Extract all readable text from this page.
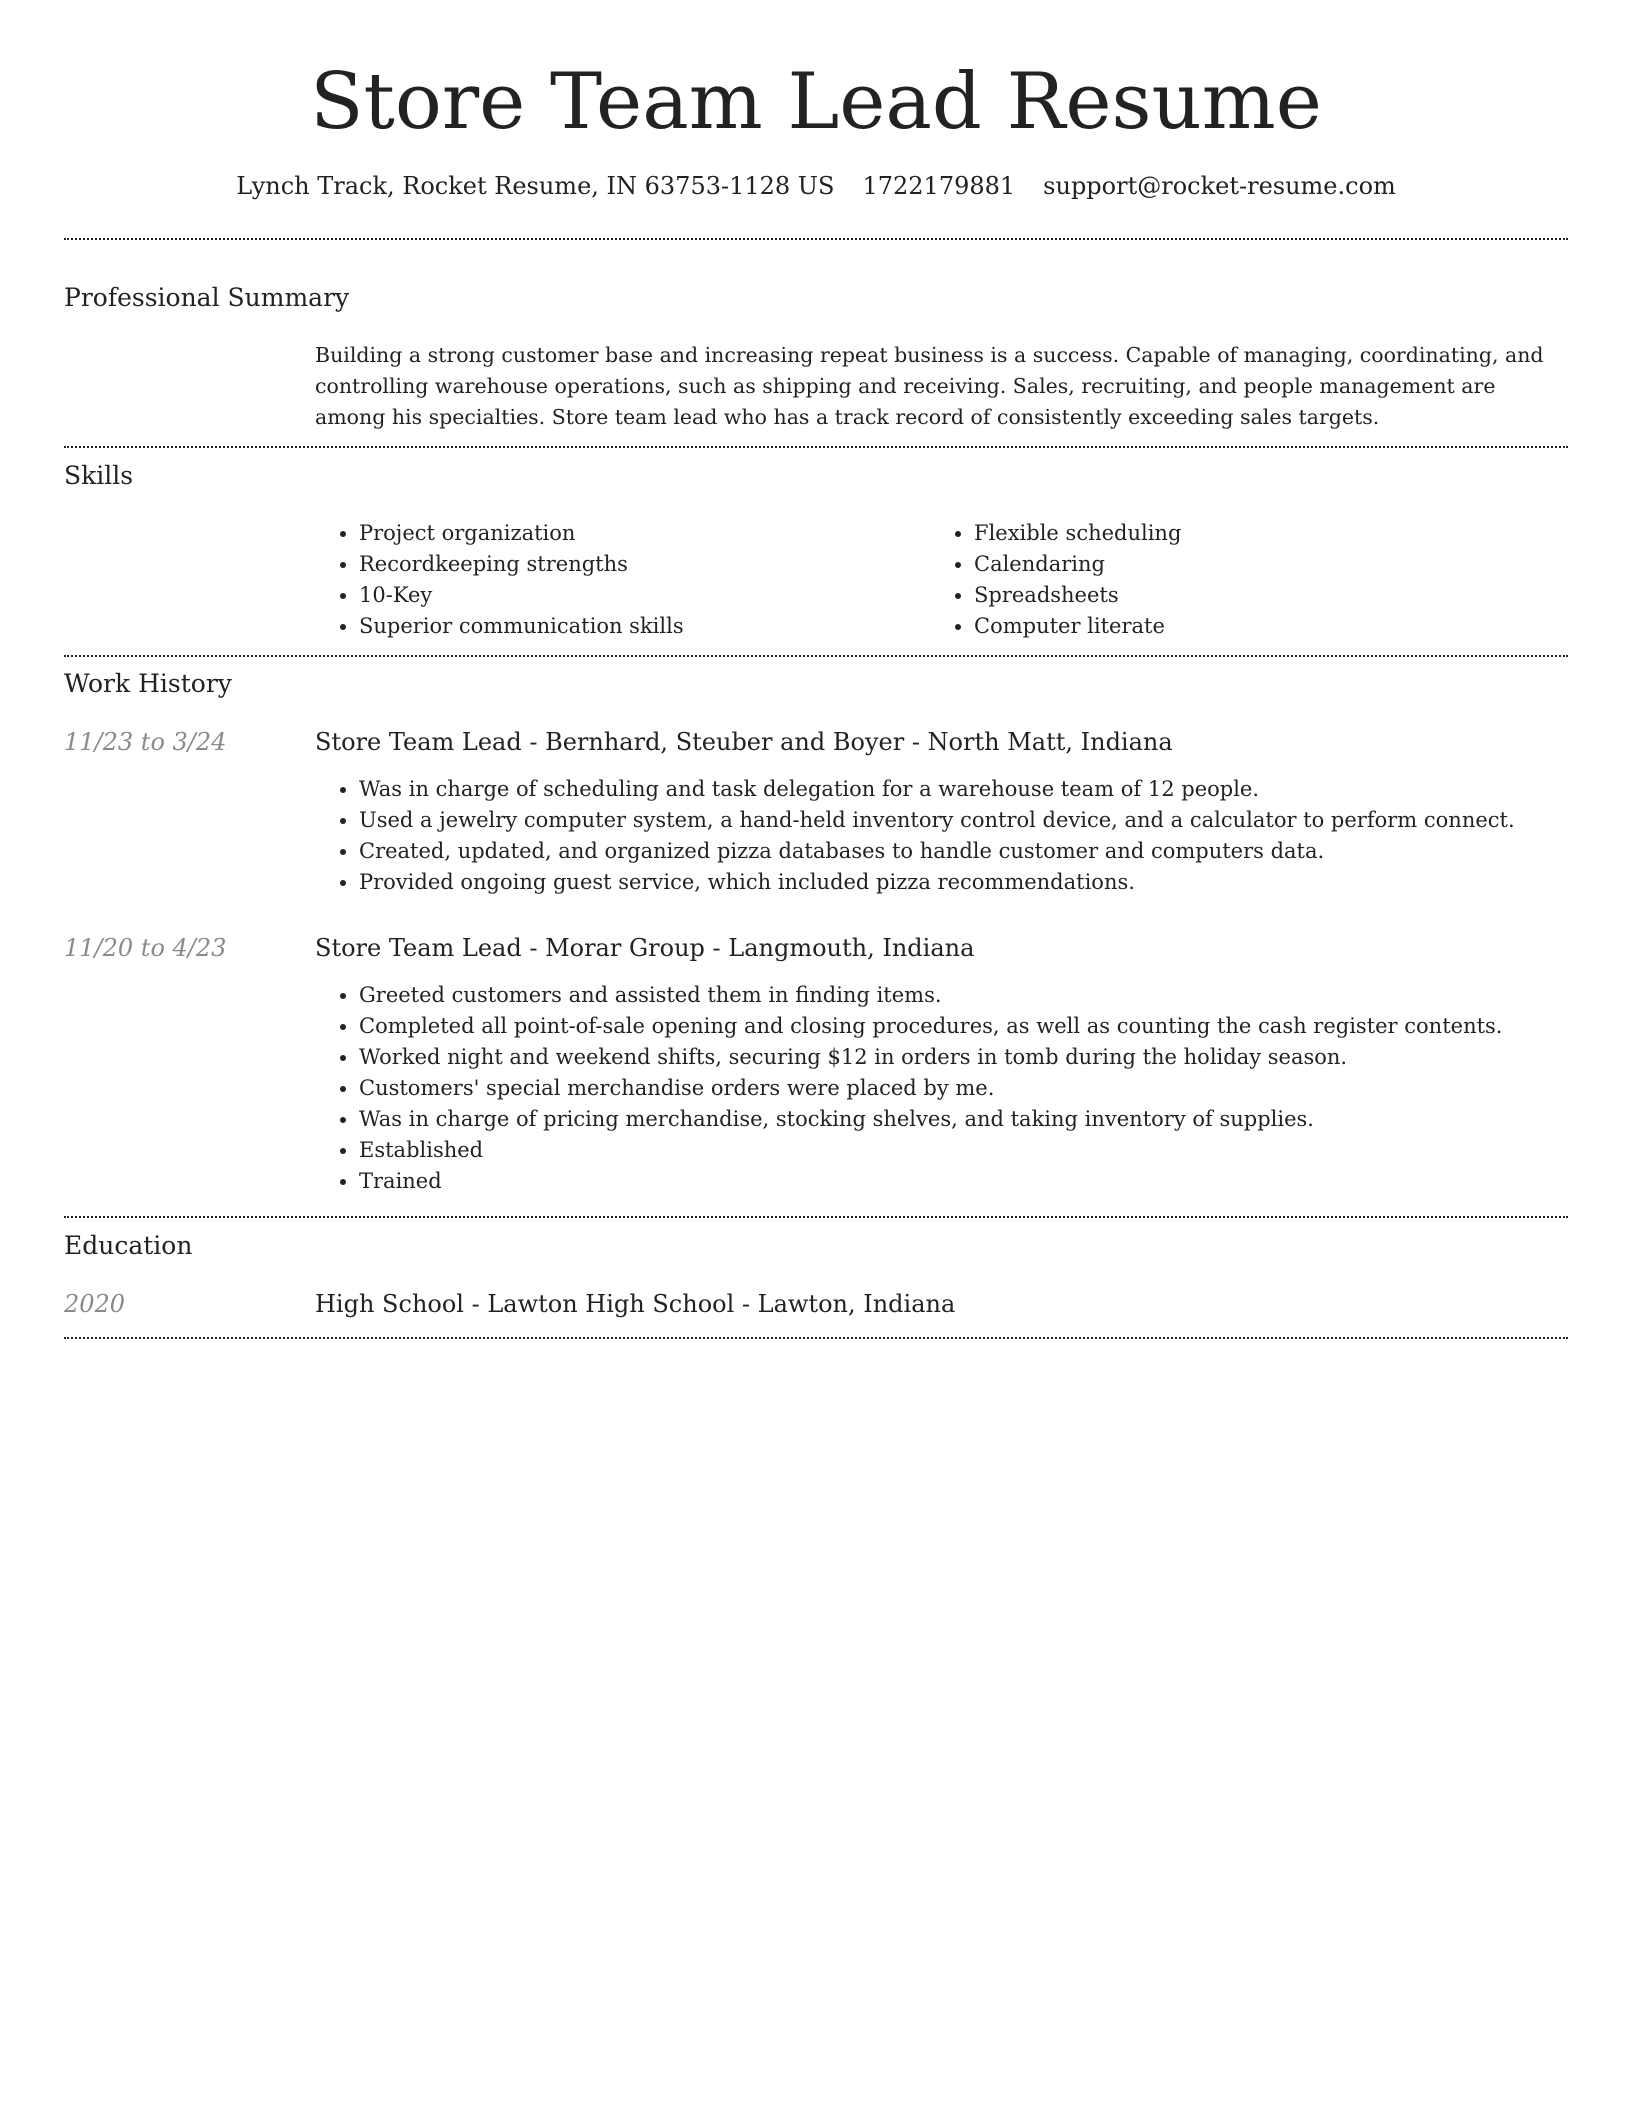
Store Team Lead Resume
Lynch Track, Rocket Resume, IN 63753-1128 US 1722179881 support@rocket-resume.com
Professional Summary

Building a strong customer base and increasing repeat business is a success. Capable of managing, coordinating, and controlling warehouse operations, such as shipping and receiving. Sales, recruiting, and people management are among his specialties. Store team lead who has a track record of consistently exceeding sales targets.

Skills
• Project organization
• Recordkeeping strengths
• 10-Key
• Superior communication skills
• Flexible scheduling
• Calendaring
• Spreadsheets
• Computer literate
Work History
11/23 to 3/24	Store Team Lead - Bernhard, Steuber and Boyer - North Matt, Indiana
• Was in charge of scheduling and task delegation for a warehouse team of 12 people.
• Used a jewelry computer system, a hand-held inventory control device, and a calculator to perform connect.
• Created, updated, and organized pizza databases to handle customer and computers data.
• Provided ongoing guest service, which included pizza recommendations.
11/20 to 4/23	Store Team Lead - Morar Group - Langmouth, Indiana
• Greeted customers and assisted them in finding items.
• Completed all point-of-sale opening and closing procedures, as well as counting the cash register contents.
• Worked night and weekend shifts, securing $12 in orders in tomb during the holiday season.
• Customers' special merchandise orders were placed by me.
• Was in charge of pricing merchandise, stocking shelves, and taking inventory of supplies.
• Established
• Trained
Education
2020	High School - Lawton High School - Lawton, Indiana
